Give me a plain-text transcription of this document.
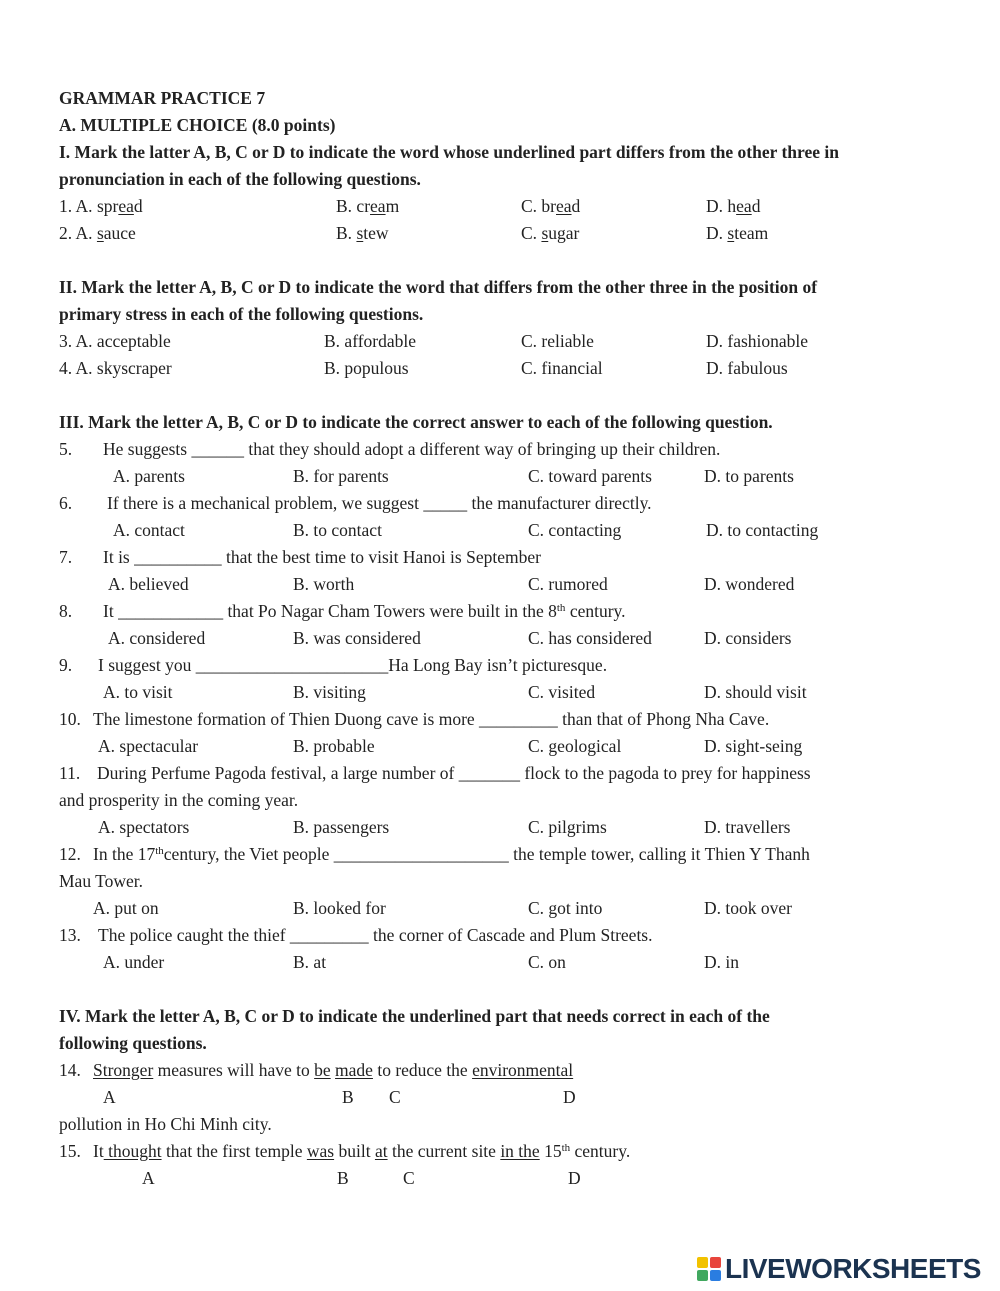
GRAMMAR PRACTICE 7
A. MULTIPLE CHOICE (8.0 points)
I. Mark the latter A, B, C or D to indicate the word whose underlined part differs from the other three in
pronunciation in each of the following questions.
1. A. spread	B. cream	C. bread	D. head
2. A. sauce	B. stew	C. sugar	D. steam
II. Mark the letter A, B, C or D to indicate the word that differs from the other three in the position of
primary stress in each of the following questions.
3. A. acceptable	B. affordable	C. reliable	D. fashionable
4. A. skyscraper	B. populous	C. financial	D. fabulous
III. Mark the letter A, B, C or D to indicate the correct answer to each of the following question.
5. He suggests ______ that they should adopt a different way of bringing up their children.
A. parents	B. for parents	C. toward parents	D. to parents
6. If there is a mechanical problem, we suggest _____ the manufacturer directly.
A. contact	B. to contact	C. contacting	D. to contacting
7. It is __________ that the best time to visit Hanoi is September
A. believed	B. worth	C. rumored	D. wondered
8. It ____________ that Po Nagar Cham Towers were built in the 8th century.
A. considered	B. was considered	C. has considered	D. considers
9. I suggest you ______________________Ha Long Bay isn’t picturesque.
A. to visit	B. visiting	C. visited	D. should visit
10. The limestone formation of Thien Duong cave is more _________ than that of Phong Nha Cave.
A. spectacular	B. probable	C. geological	D. sight-seing
11. During Perfume Pagoda festival, a large number of _______ flock to the pagoda to prey for happiness
and prosperity in the coming year.
A. spectators	B. passengers	C. pilgrims	D. travellers
12. In the 17thcentury, the Viet people ____________________ the temple tower, calling it Thien Y Thanh
Mau Tower.
A. put on	B. looked for	C. got into	D. took over
13. The police caught the thief _________ the corner of Cascade and Plum Streets.
A. under	B. at	C. on	D. in
IV. Mark the letter A, B, C or D to indicate the underlined part that needs correct in each of the
following questions.
14. Stronger measures will have to be made to reduce the environmental
A	B C	D
pollution in Ho Chi Minh city.
15. It thought that the first temple was built at the current site in the 15th century.
A	B	C	D
LIVEWORKSHEETS
